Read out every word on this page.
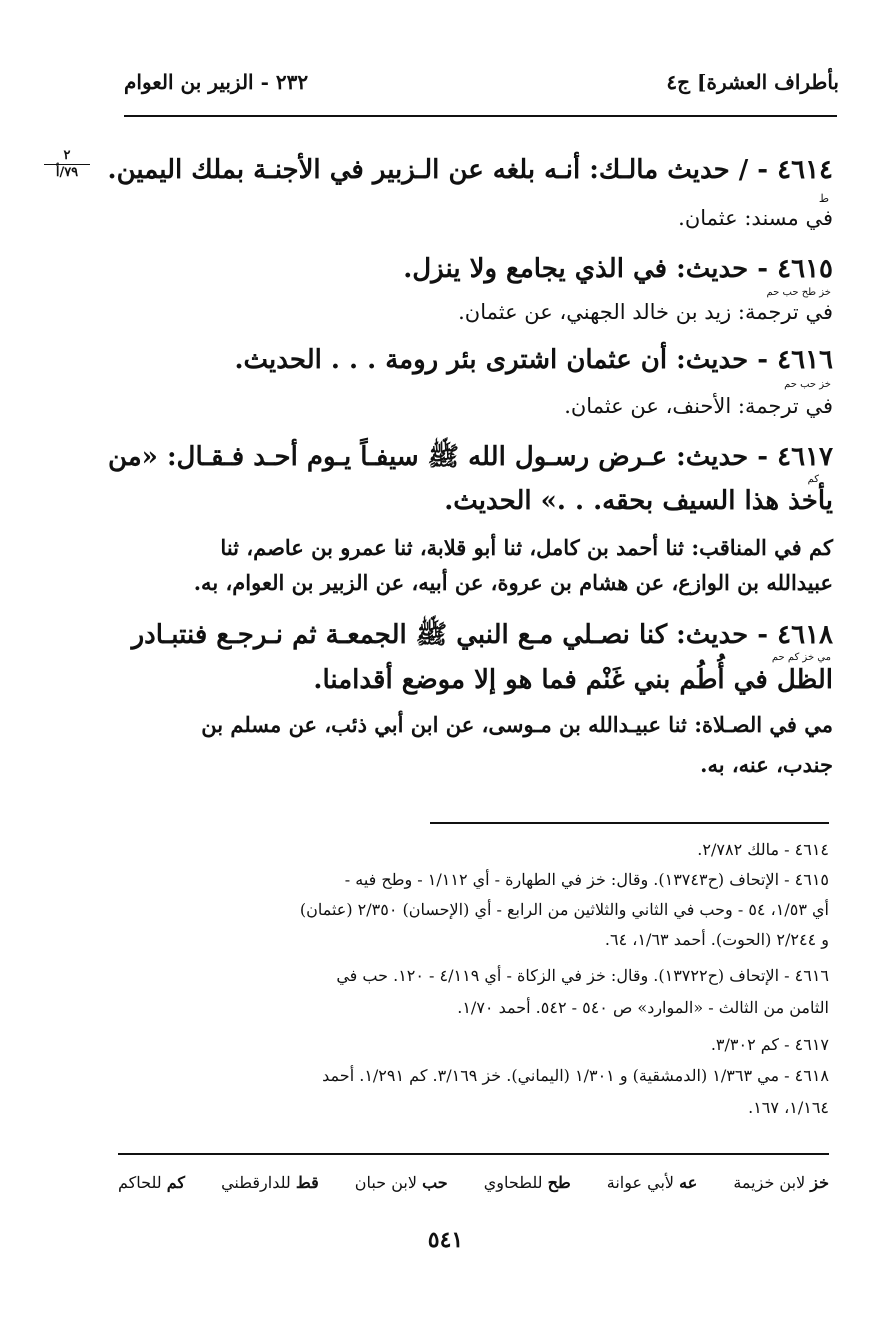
بأطراف العشرة] ج٤
٢٣٢ - الزبير بن العوام
٢
٧٩/أ	٤٦١٤ - / حديث مالـك: أنـه بلغه عن الـزبير في الأجنـة بملك اليمين.
ط
في مسند: عثمان.
٤٦١٥ - حديث: في الذي يجامع ولا ينزل.
خز طح حب حم
في ترجمة: زيد بن خالد الجهني، عن عثمان.
٤٦١٦ - حديث: أن عثمان اشترى بئر رومة . . . الحديث.
خز حب حم
في ترجمة: الأحنف، عن عثمان.
٤٦١٧ - حديث: عـرض رسـول الله ﷺ سيفـاً يـوم أحـد فـقـال: «من
كم
يأخذ هذا السيف بحقه. . .» الحديث.
كم في المناقب: ثنا أحمد بن كامل، ثنا أبو قلابة، ثنا عمرو بن عاصم، ثنا
عبيدالله بن الوازع، عن هشام بن عروة، عن أبيه، عن الزبير بن العوام، به.
٤٦١٨ - حديث: كنا نصـلي مـع النبي ﷺ الجمعـة ثم نـرجـع فنتبـادر
مي خز كم حم
الظل في أُطُم بني غَنْم فما هو إلا موضع أقدامنا.
مي في الصـلاة: ثنا عبيـدالله بن مـوسى، عن ابن أبي ذئب، عن مسلم بن
جندب، عنه، به.
٤٦١٤ - مالك ٢/٧٨٢.
٤٦١٥ - الإتحاف (ح١٣٧٤٣). وقال: خز في الطهارة - أي ١/١١٢ - وطح فيه -
أي ١/٥٣، ٥٤ - وحب في الثاني والثلاثين من الرابع - أي (الإحسان) ٢/٣٥٠ (عثمان)
و ٢/٢٤٤ (الحوت). أحمد ١/٦٣، ٦٤.
٤٦١٦ - الإتحاف (ح١٣٧٢٢). وقال: خز في الزكاة - أي ٤/١١٩ - ١٢٠. حب في
الثامن من الثالث - «الموارد» ص ٥٤٠ - ٥٤٢. أحمد ١/٧٠.
٤٦١٧ - كم ٣/٣٠٢.
٤٦١٨ - مي ١/٣٦٣ (الدمشقية) و ١/٣٠١ (اليماني). خز ٣/١٦٩. كم ١/٢٩١. أحمد
١/١٦٤، ١٦٧.
خز لابن خزيمة
عه لأبي عوانة
طح للطحاوي
حب لابن حبان
قط للدارقطني
كم للحاكم
٥٤١
